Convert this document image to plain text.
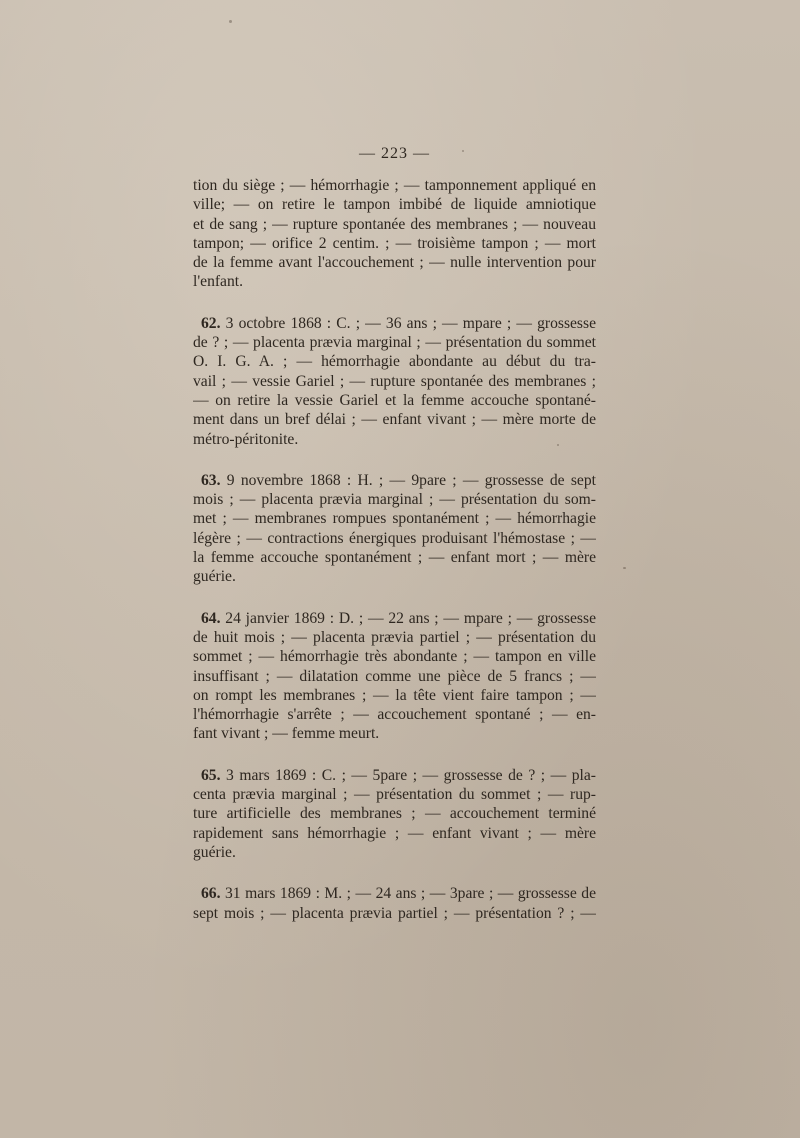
— 223 —
tion du siège ; — hémorrhagie ; — tamponnement appliqué en
ville; — on retire le tampon imbibé de liquide amniotique
et de sang ; — rupture spontanée des membranes ; — nouveau
tampon; — orifice 2 centim. ; — troisième tampon ; — mort
de la femme avant l'accouchement ; — nulle intervention pour
l'enfant.
62. 3 octobre 1868 : C. ; — 36 ans ; — mpare ; — grossesse
de ? ; — placenta prævia marginal ; — présentation du sommet
O. I. G. A. ; — hémorrhagie abondante au début du tra-
vail ; — vessie Gariel ; — rupture spontanée des membranes ;
— on retire la vessie Gariel et la femme accouche spontané-
ment dans un bref délai ; — enfant vivant ; — mère morte de
métro-péritonite.
63. 9 novembre 1868 : H. ; — 9pare ; — grossesse de sept
mois ; — placenta prævia marginal ; — présentation du som-
met ; — membranes rompues spontanément ; — hémorrhagie
légère ; — contractions énergiques produisant l'hémostase ; —
la femme accouche spontanément ; — enfant mort ; — mère
guérie.
64. 24 janvier 1869 : D. ; — 22 ans ; — mpare ; — grossesse
de huit mois ; — placenta prævia partiel ; — présentation du
sommet ; — hémorrhagie très abondante ; — tampon en ville
insuffisant ; — dilatation comme une pièce de 5 francs ; —
on rompt les membranes ; — la tête vient faire tampon ; —
l'hémorrhagie s'arrête ; — accouchement spontané ; — en-
fant vivant ; — femme meurt.
65. 3 mars 1869 : C. ; — 5pare ; — grossesse de ? ; — pla-
centa prævia marginal ; — présentation du sommet ; — rup-
ture artificielle des membranes ; — accouchement terminé
rapidement sans hémorrhagie ; — enfant vivant ; — mère
guérie.
66. 31 mars 1869 : M. ; — 24 ans ; — 3pare ; — grossesse de
sept mois ; — placenta prævia partiel ; — présentation ? ; —
